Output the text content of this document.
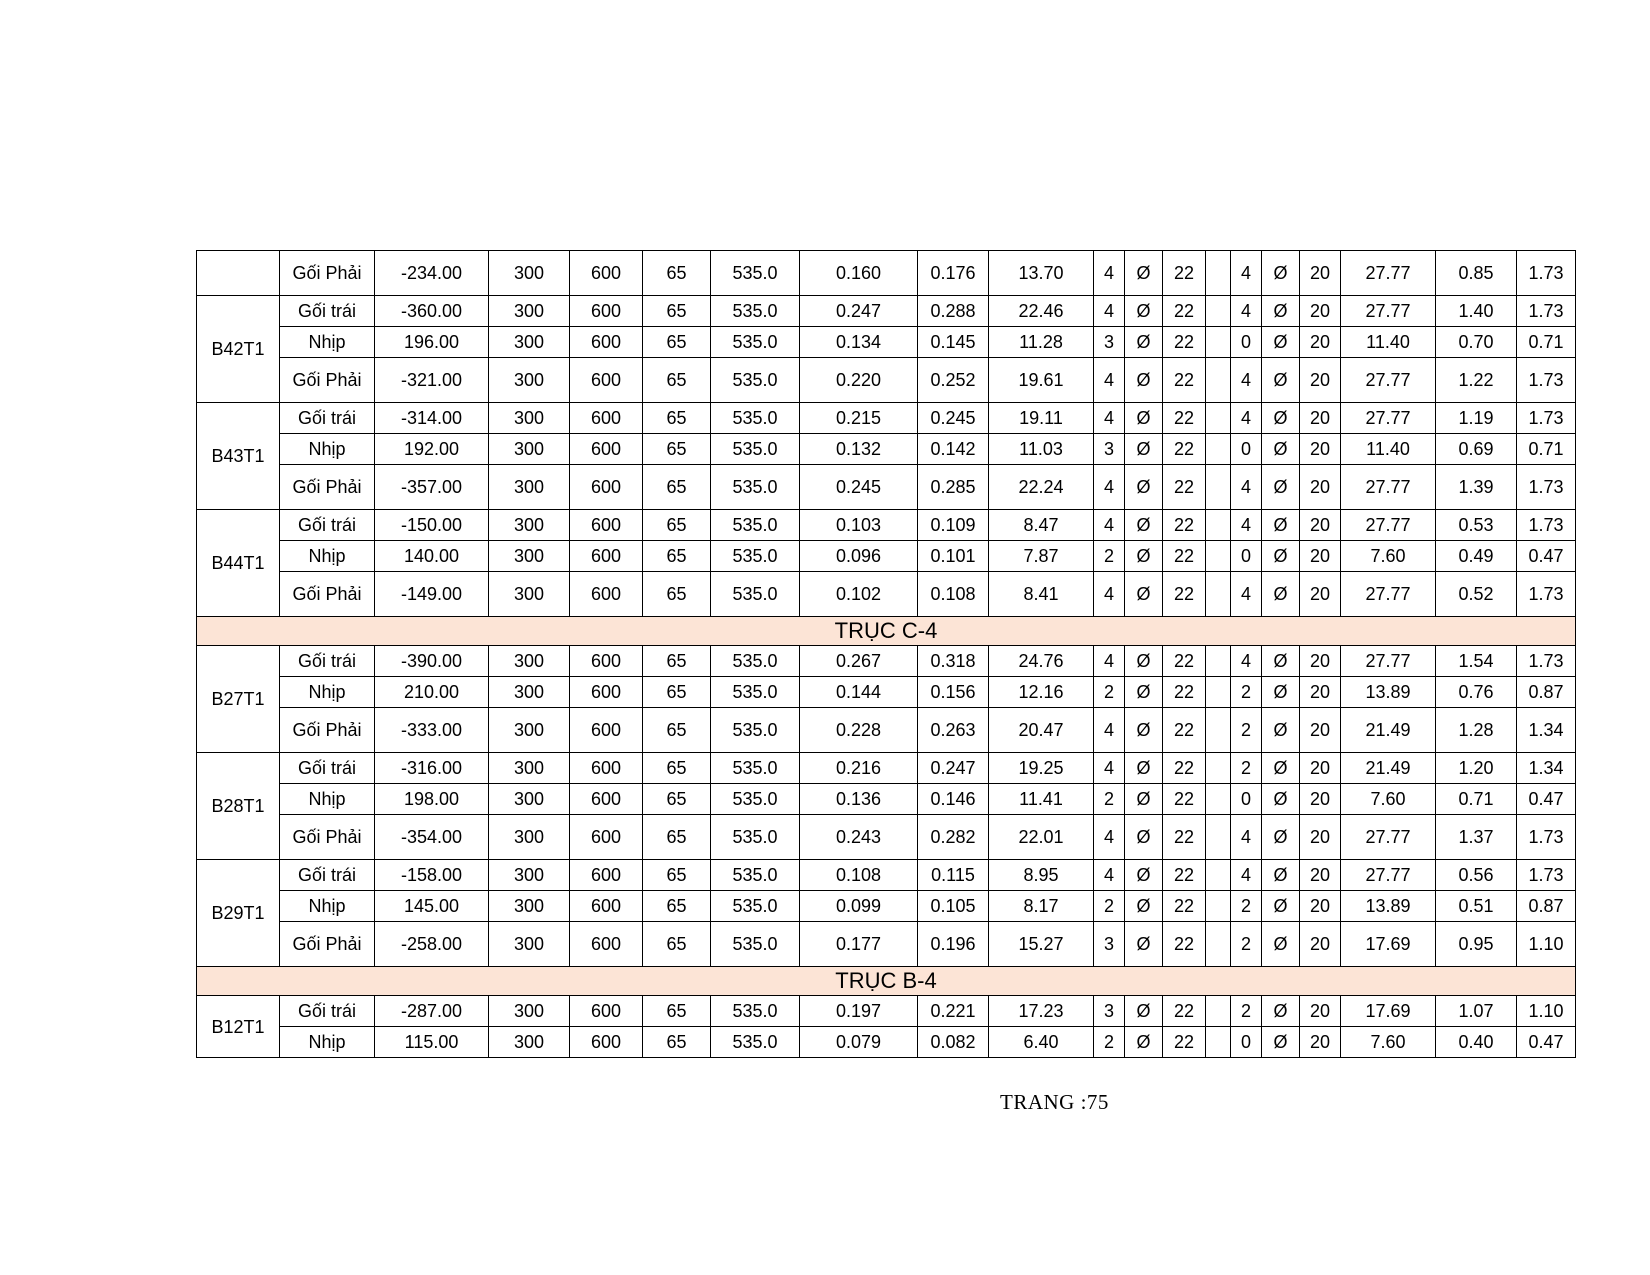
	Gối Phải	-234.00	300	600	65	535.0	0.160	0.176	13.70	4	Ø	22		4	Ø	20	27.77	0.85	1.73
B42T1	Gối trái	-360.00	300	600	65	535.0	0.247	0.288	22.46	4	Ø	22		4	Ø	20	27.77	1.40	1.73
	Nhịp	196.00	300	600	65	535.0	0.134	0.145	11.28	3	Ø	22		0	Ø	20	11.40	0.70	0.71
	Gối Phải	-321.00	300	600	65	535.0	0.220	0.252	19.61	4	Ø	22		4	Ø	20	27.77	1.22	1.73
B43T1	Gối trái	-314.00	300	600	65	535.0	0.215	0.245	19.11	4	Ø	22		4	Ø	20	27.77	1.19	1.73
	Nhịp	192.00	300	600	65	535.0	0.132	0.142	11.03	3	Ø	22		0	Ø	20	11.40	0.69	0.71
	Gối Phải	-357.00	300	600	65	535.0	0.245	0.285	22.24	4	Ø	22		4	Ø	20	27.77	1.39	1.73
B44T1	Gối trái	-150.00	300	600	65	535.0	0.103	0.109	8.47	4	Ø	22		4	Ø	20	27.77	0.53	1.73
	Nhịp	140.00	300	600	65	535.0	0.096	0.101	7.87	2	Ø	22		0	Ø	20	7.60	0.49	0.47
	Gối Phải	-149.00	300	600	65	535.0	0.102	0.108	8.41	4	Ø	22		4	Ø	20	27.77	0.52	1.73
TRỤC C-4																			
B27T1	Gối trái	-390.00	300	600	65	535.0	0.267	0.318	24.76	4	Ø	22		4	Ø	20	27.77	1.54	1.73
	Nhịp	210.00	300	600	65	535.0	0.144	0.156	12.16	2	Ø	22		2	Ø	20	13.89	0.76	0.87
	Gối Phải	-333.00	300	600	65	535.0	0.228	0.263	20.47	4	Ø	22		2	Ø	20	21.49	1.28	1.34
B28T1	Gối trái	-316.00	300	600	65	535.0	0.216	0.247	19.25	4	Ø	22		2	Ø	20	21.49	1.20	1.34
	Nhịp	198.00	300	600	65	535.0	0.136	0.146	11.41	2	Ø	22		0	Ø	20	7.60	0.71	0.47
	Gối Phải	-354.00	300	600	65	535.0	0.243	0.282	22.01	4	Ø	22		4	Ø	20	27.77	1.37	1.73
B29T1	Gối trái	-158.00	300	600	65	535.0	0.108	0.115	8.95	4	Ø	22		4	Ø	20	27.77	0.56	1.73
	Nhịp	145.00	300	600	65	535.0	0.099	0.105	8.17	2	Ø	22		2	Ø	20	13.89	0.51	0.87
	Gối Phải	-258.00	300	600	65	535.0	0.177	0.196	15.27	3	Ø	22		2	Ø	20	17.69	0.95	1.10
TRỤC B-4																			
B12T1	Gối trái	-287.00	300	600	65	535.0	0.197	0.221	17.23	3	Ø	22		2	Ø	20	17.69	1.07	1.10
	Nhịp	115.00	300	600	65	535.0	0.079	0.082	6.40	2	Ø	22		0	Ø	20	7.60	0.40	0.47
TRANG :75
